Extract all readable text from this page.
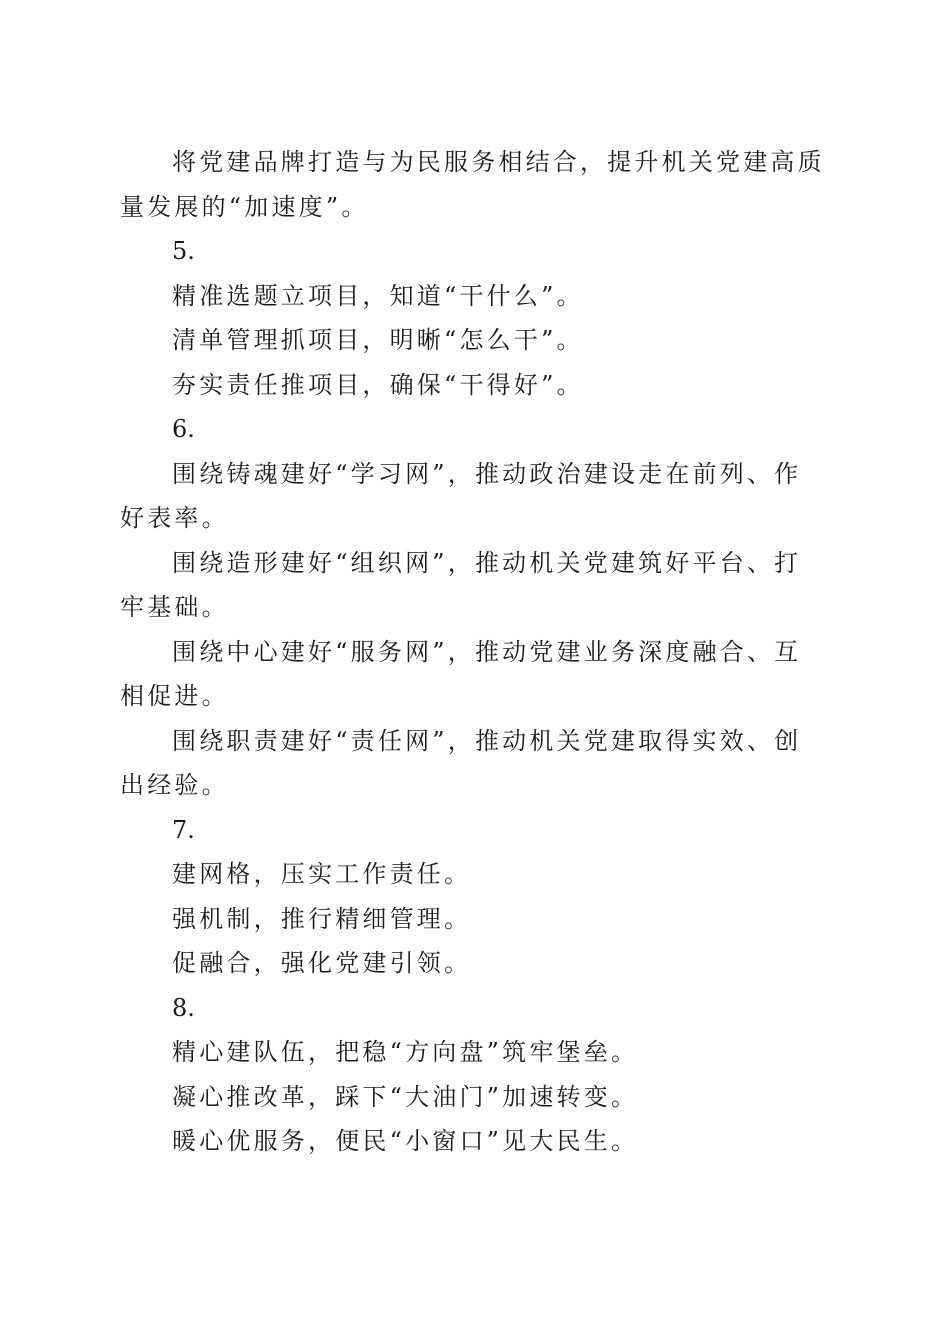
将党建品牌打造与为民服务相结合，提升机关党建高质量发展的“加速度”。

5.

精准选题立项目，知道“干什么”。

清单管理抓项目，明晰“怎么干”。

夯实责任推项目，确保“干得好”。

6.

围绕铸魂建好“学习网”，推动政治建设走在前列、作好表率。

围绕造形建好“组织网”，推动机关党建筑好平台、打牢基础。

围绕中心建好“服务网”，推动党建业务深度融合、互相促进。

围绕职责建好“责任网”，推动机关党建取得实效、创出经验。

7.

建网格，压实工作责任。

强机制，推行精细管理。

促融合，强化党建引领。

8.

精心建队伍，把稳“方向盘”筑牢堡垒。

凝心推改革，踩下“大油门”加速转变。

暖心优服务，便民“小窗口”见大民生。
